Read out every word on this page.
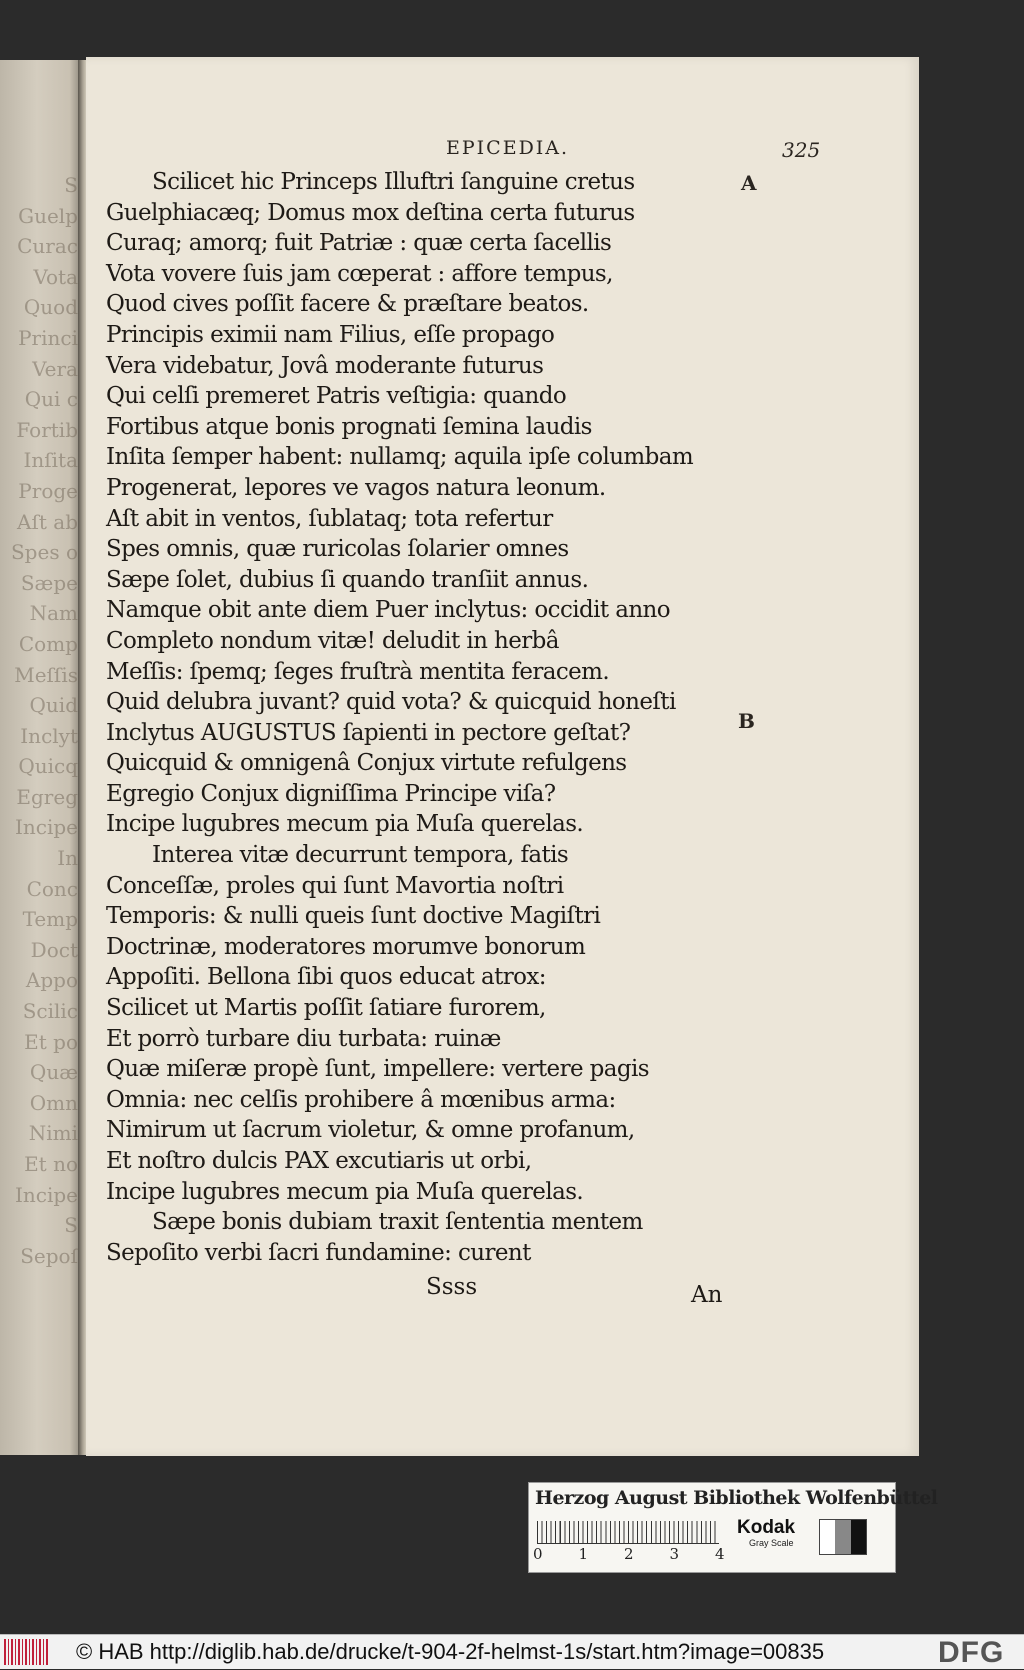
S
Guelp
Curac
Vota
Quod
Princi
Vera
Qui c
Fortib
Inſita
Proge
Aſt ab
Spes o
Sæpe
Nam
Comp
Meſſis
Quid
Inclyt
Quicq
Egreg
Incipe
In
Conc
Temp
Doct
Appo
Scilic
Et po
Quæ
Omn
Nimi
Et no
Incipe
S
Sepoſ
EPICEDIA.	325
A
B
Scilicet hic Princeps Illuftri ſanguine cretus
Guelphiacæq; Domus mox deſtina certa futurus
Curaq; amorq; fuit Patriæ : quæ certa ſacellis
Vota vovere ſuis jam cœperat : affore tempus,
Quod cives poſſit facere & præſtare beatos.
Principis eximii nam Filius, eſſe propago
Vera videbatur, Jovâ moderante futurus
Qui celſi premeret Patris veſtigia: quando
Fortibus atque bonis prognati ſemina laudis
Inſita ſemper habent: nullamq; aquila ipſe columbam
Progenerat, lepores ve vagos natura leonum.
Aſt abit in ventos, ſublataq; tota refertur
Spes omnis, quæ ruricolas ſolarier omnes
Sæpe ſolet, dubius ſi quando tranſiit annus.
Namque obit ante diem Puer inclytus: occidit anno
Completo nondum vitæ! deludit in herbâ
Meſſis: ſpemq; ſeges fruſtrà mentita feracem.
Quid delubra juvant? quid vota? & quicquid honeſti
Inclytus AUGUSTUS ſapienti in pectore geſtat?
Quicquid & omnigenâ Conjux virtute refulgens
Egregio Conjux digniſſima Principe viſa?
Incipe lugubres mecum pia Muſa querelas.
Interea vitæ decurrunt tempora, fatis
Conceſſæ, proles qui ſunt Mavortia noſtri
Temporis: & nulli queis ſunt doctive Magiſtri
Doctrinæ, moderatores morumve bonorum
Appoſiti. Bellona ſibi quos educat atrox:
Scilicet ut Martis poſſit ſatiare furorem,
Et porrò turbare diu turbata: ruinæ
Quæ miſeræ propè ſunt, impellere: vertere pagis
Omnia: nec celſis prohibere â mœnibus arma:
Nimirum ut ſacrum violetur, & omne profanum,
Et noſtro dulcis PAX excutiaris ut orbi,
Incipe lugubres mecum pia Muſa querelas.
Sæpe bonis dubiam traxit ſententia mentem
Sepoſito verbi ſacri fundamine: curent
Ssss	An
Herzog August Bibliothek Wolfenbüttel
0 1 2 3 4
Kodak
Gray Scale
© HAB http://diglib.hab.de/drucke/t-904-2f-helmst-1s/start.htm?image=00835	DFG
